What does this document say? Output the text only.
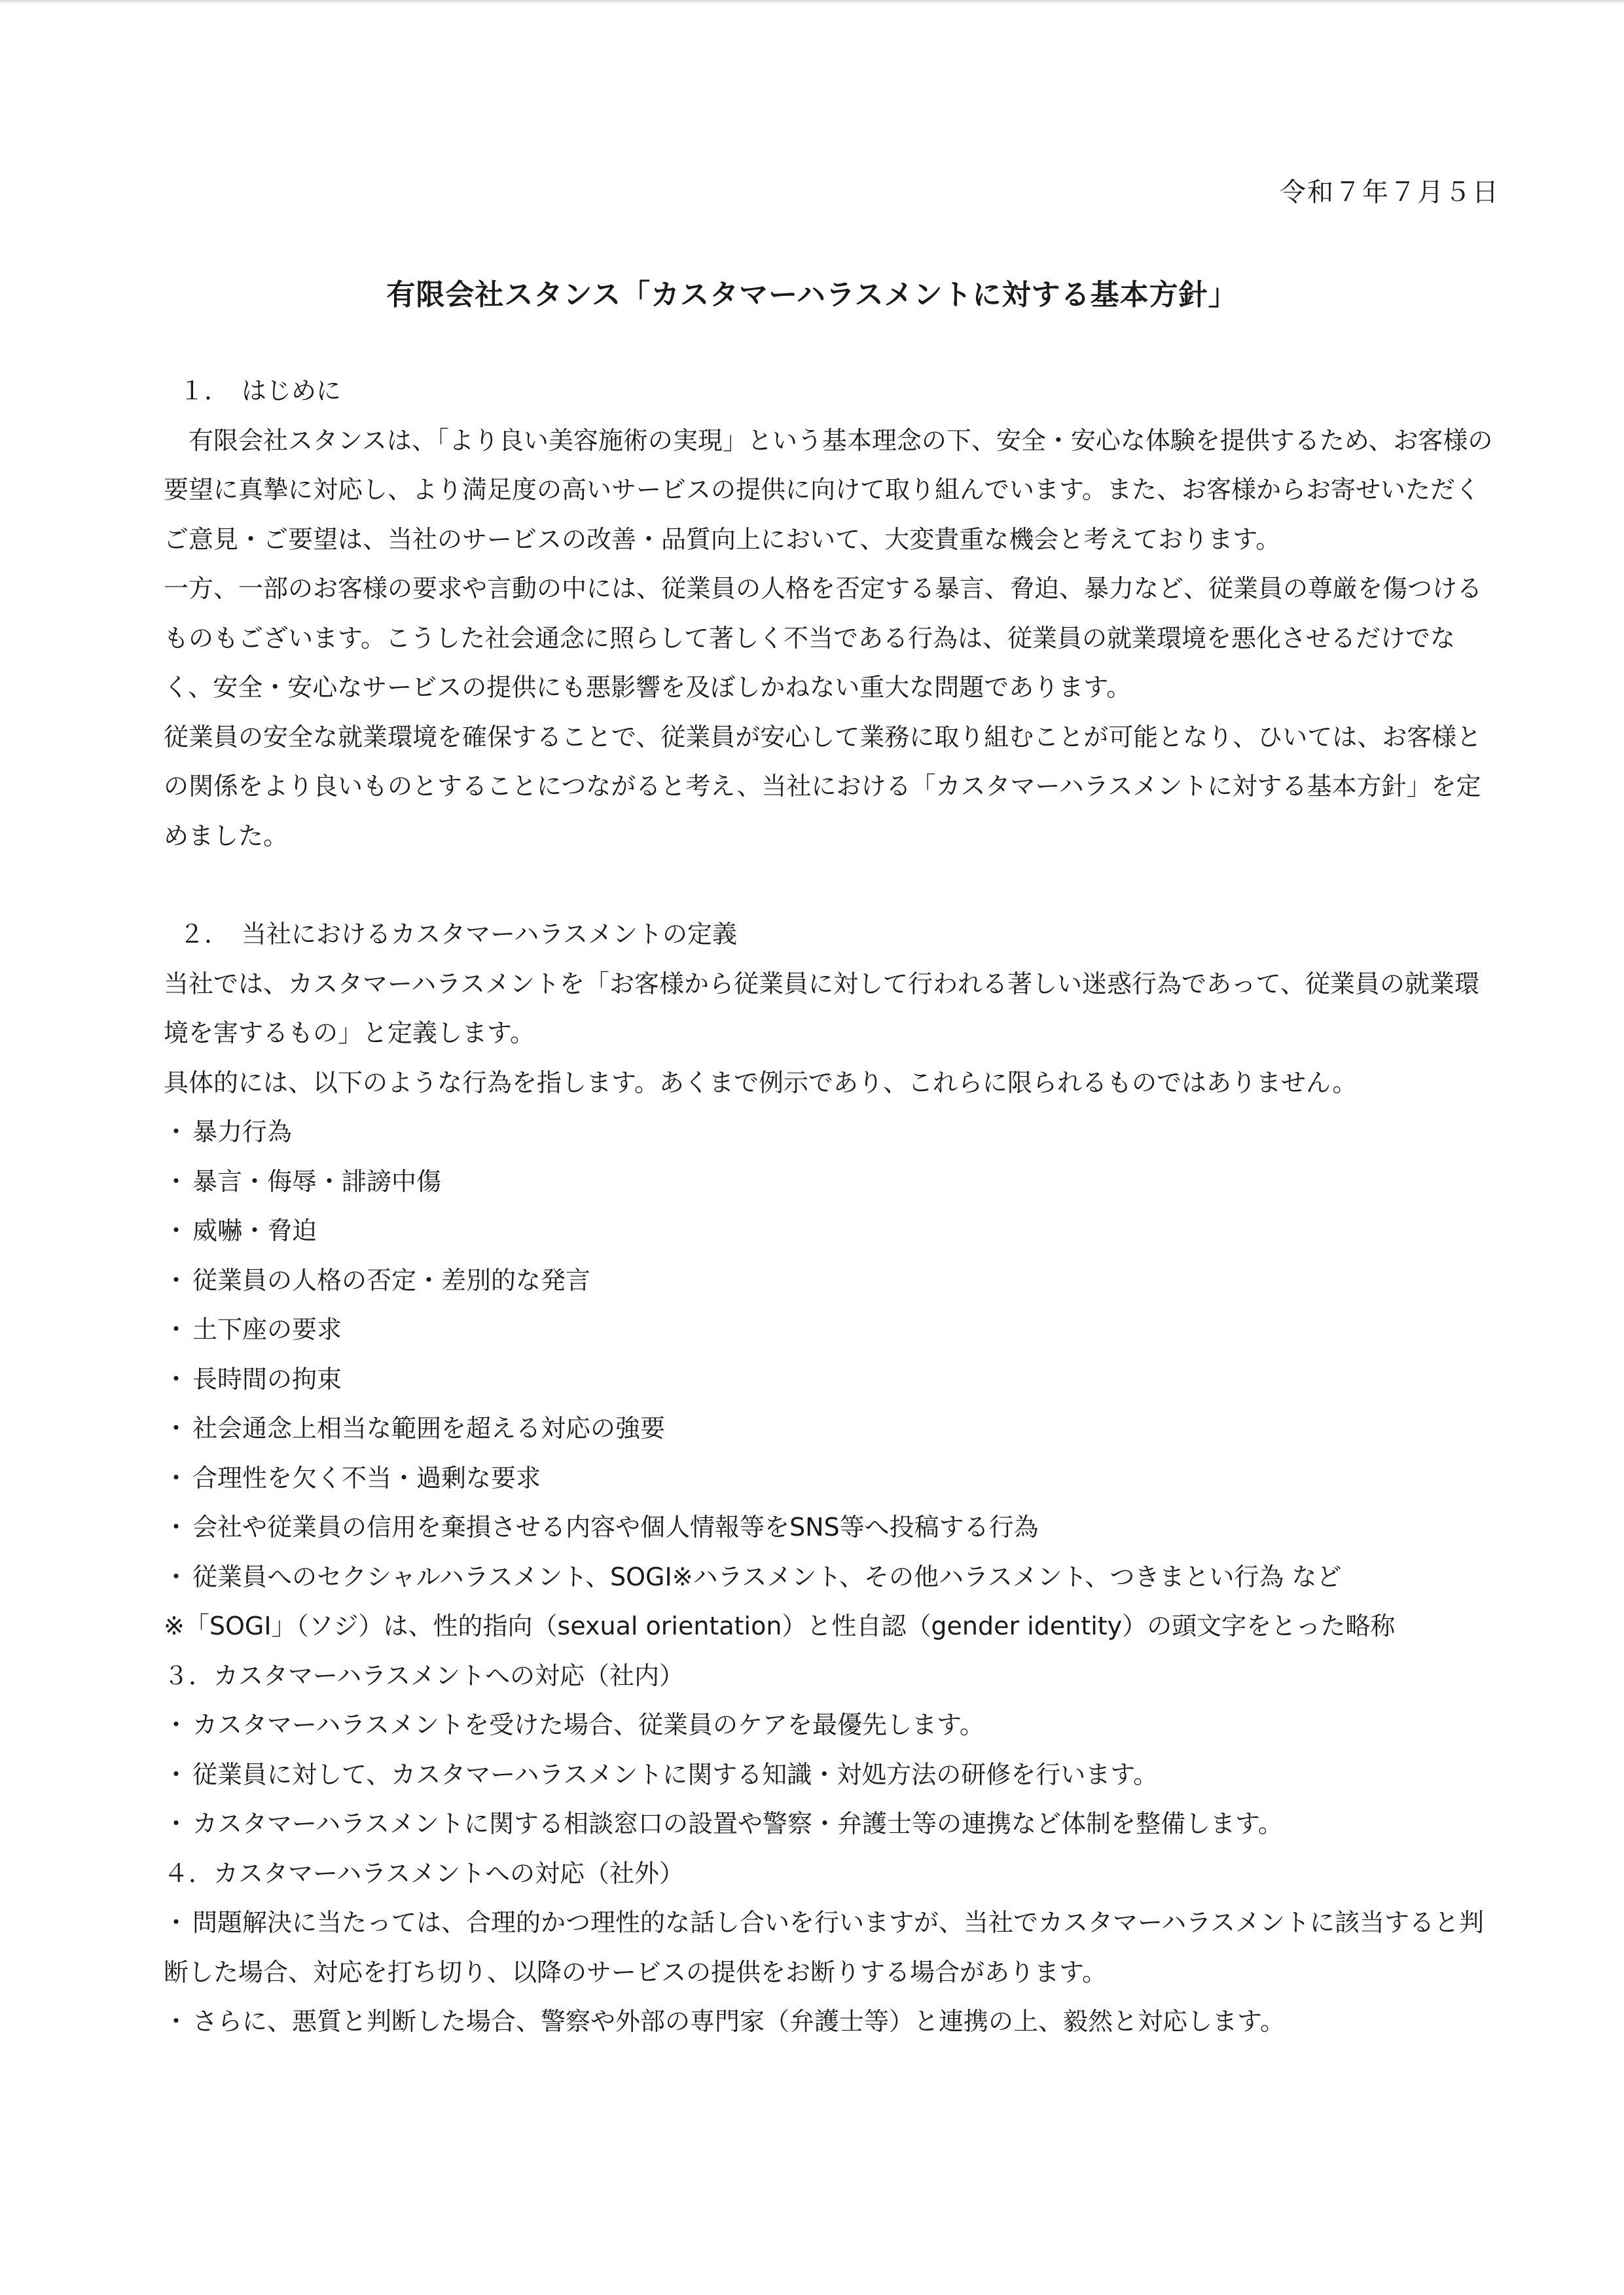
令和７年７月５日
有限会社スタンス「カスタマーハラスメントに対する基本方針」

１．　はじめに

有限会社スタンスは、「より良い美容施術の実現」という基本理念の下、安全・安心な体験を提供するため、お客様の要望に真摯に対応し、より満足度の高いサービスの提供に向けて取り組んでいます。また、お客様からお寄せいただくご意見・ご要望は、当社のサービスの改善・品質向上において、大変貴重な機会と考えております。

一方、一部のお客様の要求や言動の中には、従業員の人格を否定する暴言、脅迫、暴力など、従業員の尊厳を傷つけるものもございます。こうした社会通念に照らして著しく不当である行為は、従業員の就業環境を悪化させるだけでなく、安全・安心なサービスの提供にも悪影響を及ぼしかねない重大な問題であります。

従業員の安全な就業環境を確保することで、従業員が安心して業務に取り組むことが可能となり、ひいては、お客様との関係をより良いものとすることにつながると考え、当社における「カスタマーハラスメントに対する基本方針」を定めました。

２．　当社におけるカスタマーハラスメントの定義

当社では、カスタマーハラスメントを「お客様から従業員に対して行われる著しい迷惑行為であって、従業員の就業環境を害するもの」と定義します。

具体的には、以下のような行為を指します。あくまで例示であり、これらに限られるものではありません。

・ 暴力行為
・ 暴言・侮辱・誹謗中傷
・ 威嚇・脅迫
・ 従業員の人格の否定・差別的な発言
・ 土下座の要求
・ 長時間の拘束
・ 社会通念上相当な範囲を超える対応の強要
・ 合理性を欠く不当・過剰な要求
・ 会社や従業員の信用を棄損させる内容や個人情報等をSNS等へ投稿する行為
・ 従業員へのセクシャルハラスメント、SOGI※ハラスメント、その他ハラスメント、つきまとい行為 など

※「SOGI」（ソジ）は、性的指向（sexual orientation）と性自認（gender identity）の頭文字をとった略称

３．カスタマーハラスメントへの対応（社内）

・ カスタマーハラスメントを受けた場合、従業員のケアを最優先します。
・ 従業員に対して、カスタマーハラスメントに関する知識・対処方法の研修を行います。
・ カスタマーハラスメントに関する相談窓口の設置や警察・弁護士等の連携など体制を整備します。

４．カスタマーハラスメントへの対応（社外）

・ 問題解決に当たっては、合理的かつ理性的な話し合いを行いますが、当社でカスタマーハラスメントに該当すると判断した場合、対応を打ち切り、以降のサービスの提供をお断りする場合があります。
・ さらに、悪質と判断した場合、警察や外部の専門家（弁護士等）と連携の上、毅然と対応します。
